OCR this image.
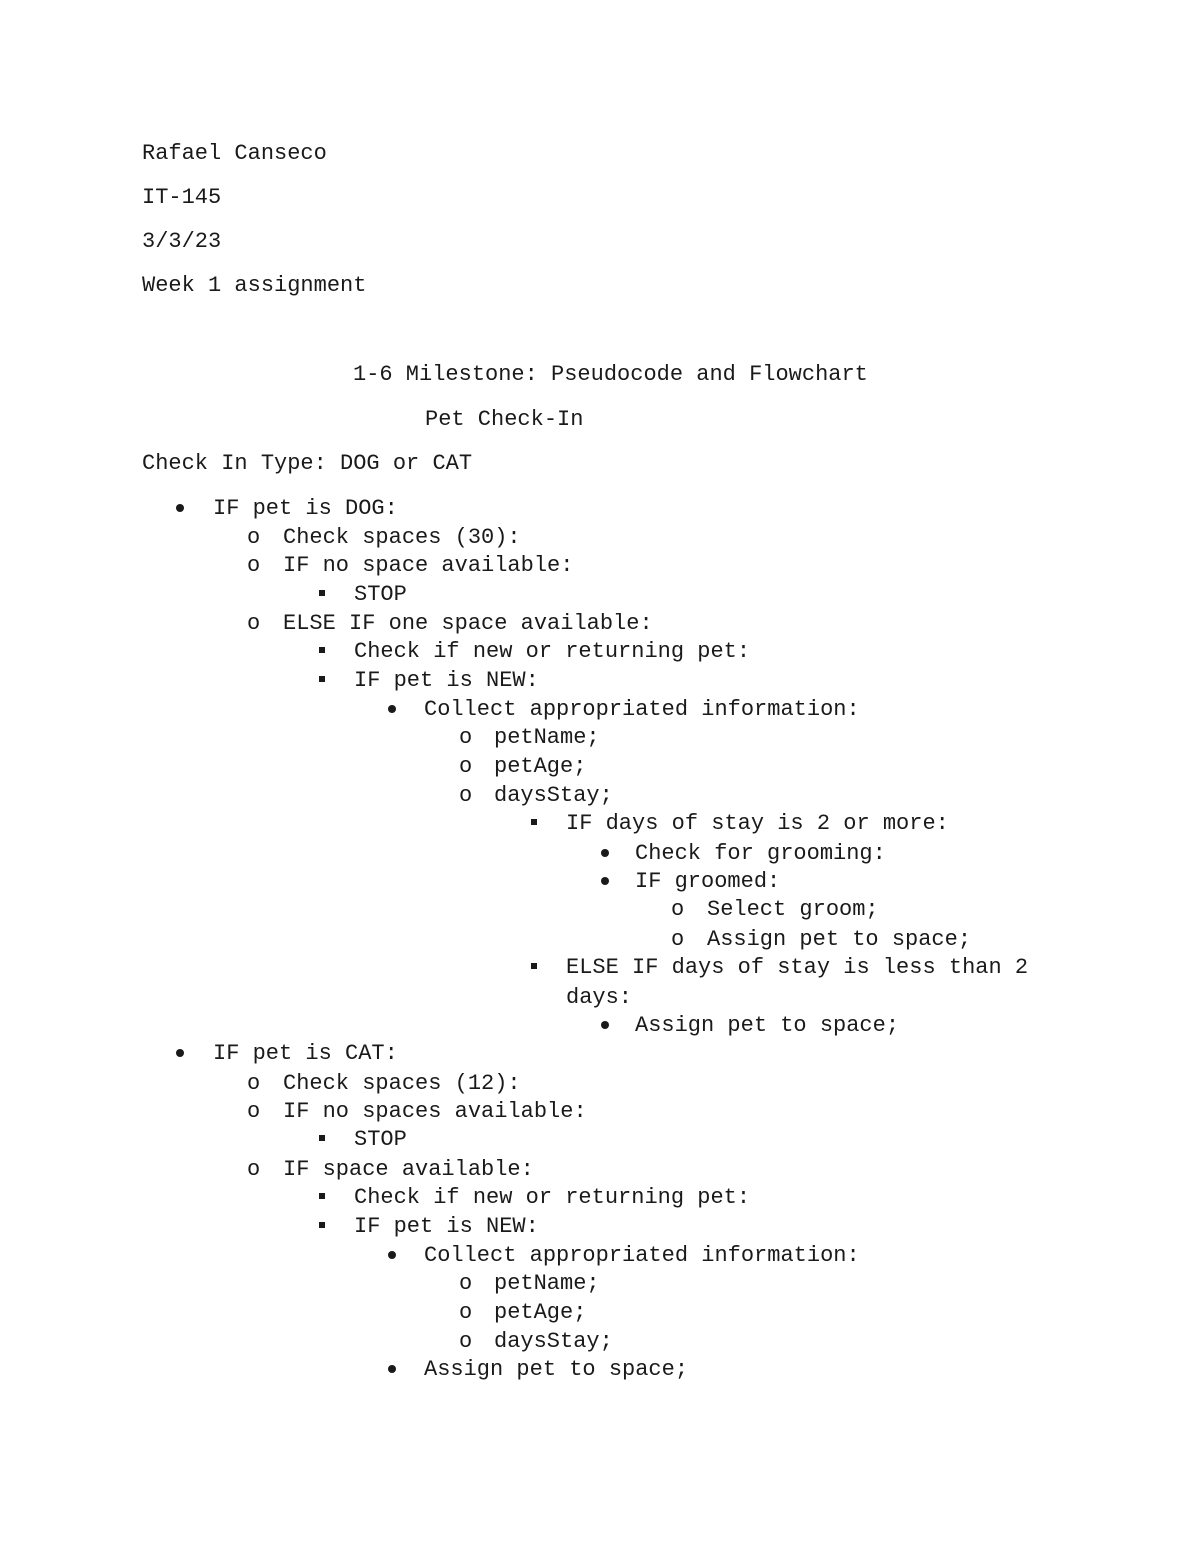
Rafael Canseco
IT-145
3/3/23
Week 1 assignment
1-6 Milestone: Pseudocode and Flowchart
Pet Check-In
Check In Type: DOG or CAT
IF pet is DOG:
o Check spaces (30):
o IF no space available:
STOP
o ELSE IF one space available:
Check if new or returning pet:
IF pet is NEW:
Collect appropriated information:
o petName;
o petAge;
o daysStay;
IF days of stay is 2 or more:
Check for grooming:
IF groomed:
o Select groom;
o Assign pet to space;
ELSE IF days of stay is less than 2
days:
Assign pet to space;
IF pet is CAT:
o Check spaces (12):
o IF no spaces available:
STOP
o IF space available:
Check if new or returning pet:
IF pet is NEW:
Collect appropriated information:
o petName;
o petAge;
o daysStay;
Assign pet to space;
